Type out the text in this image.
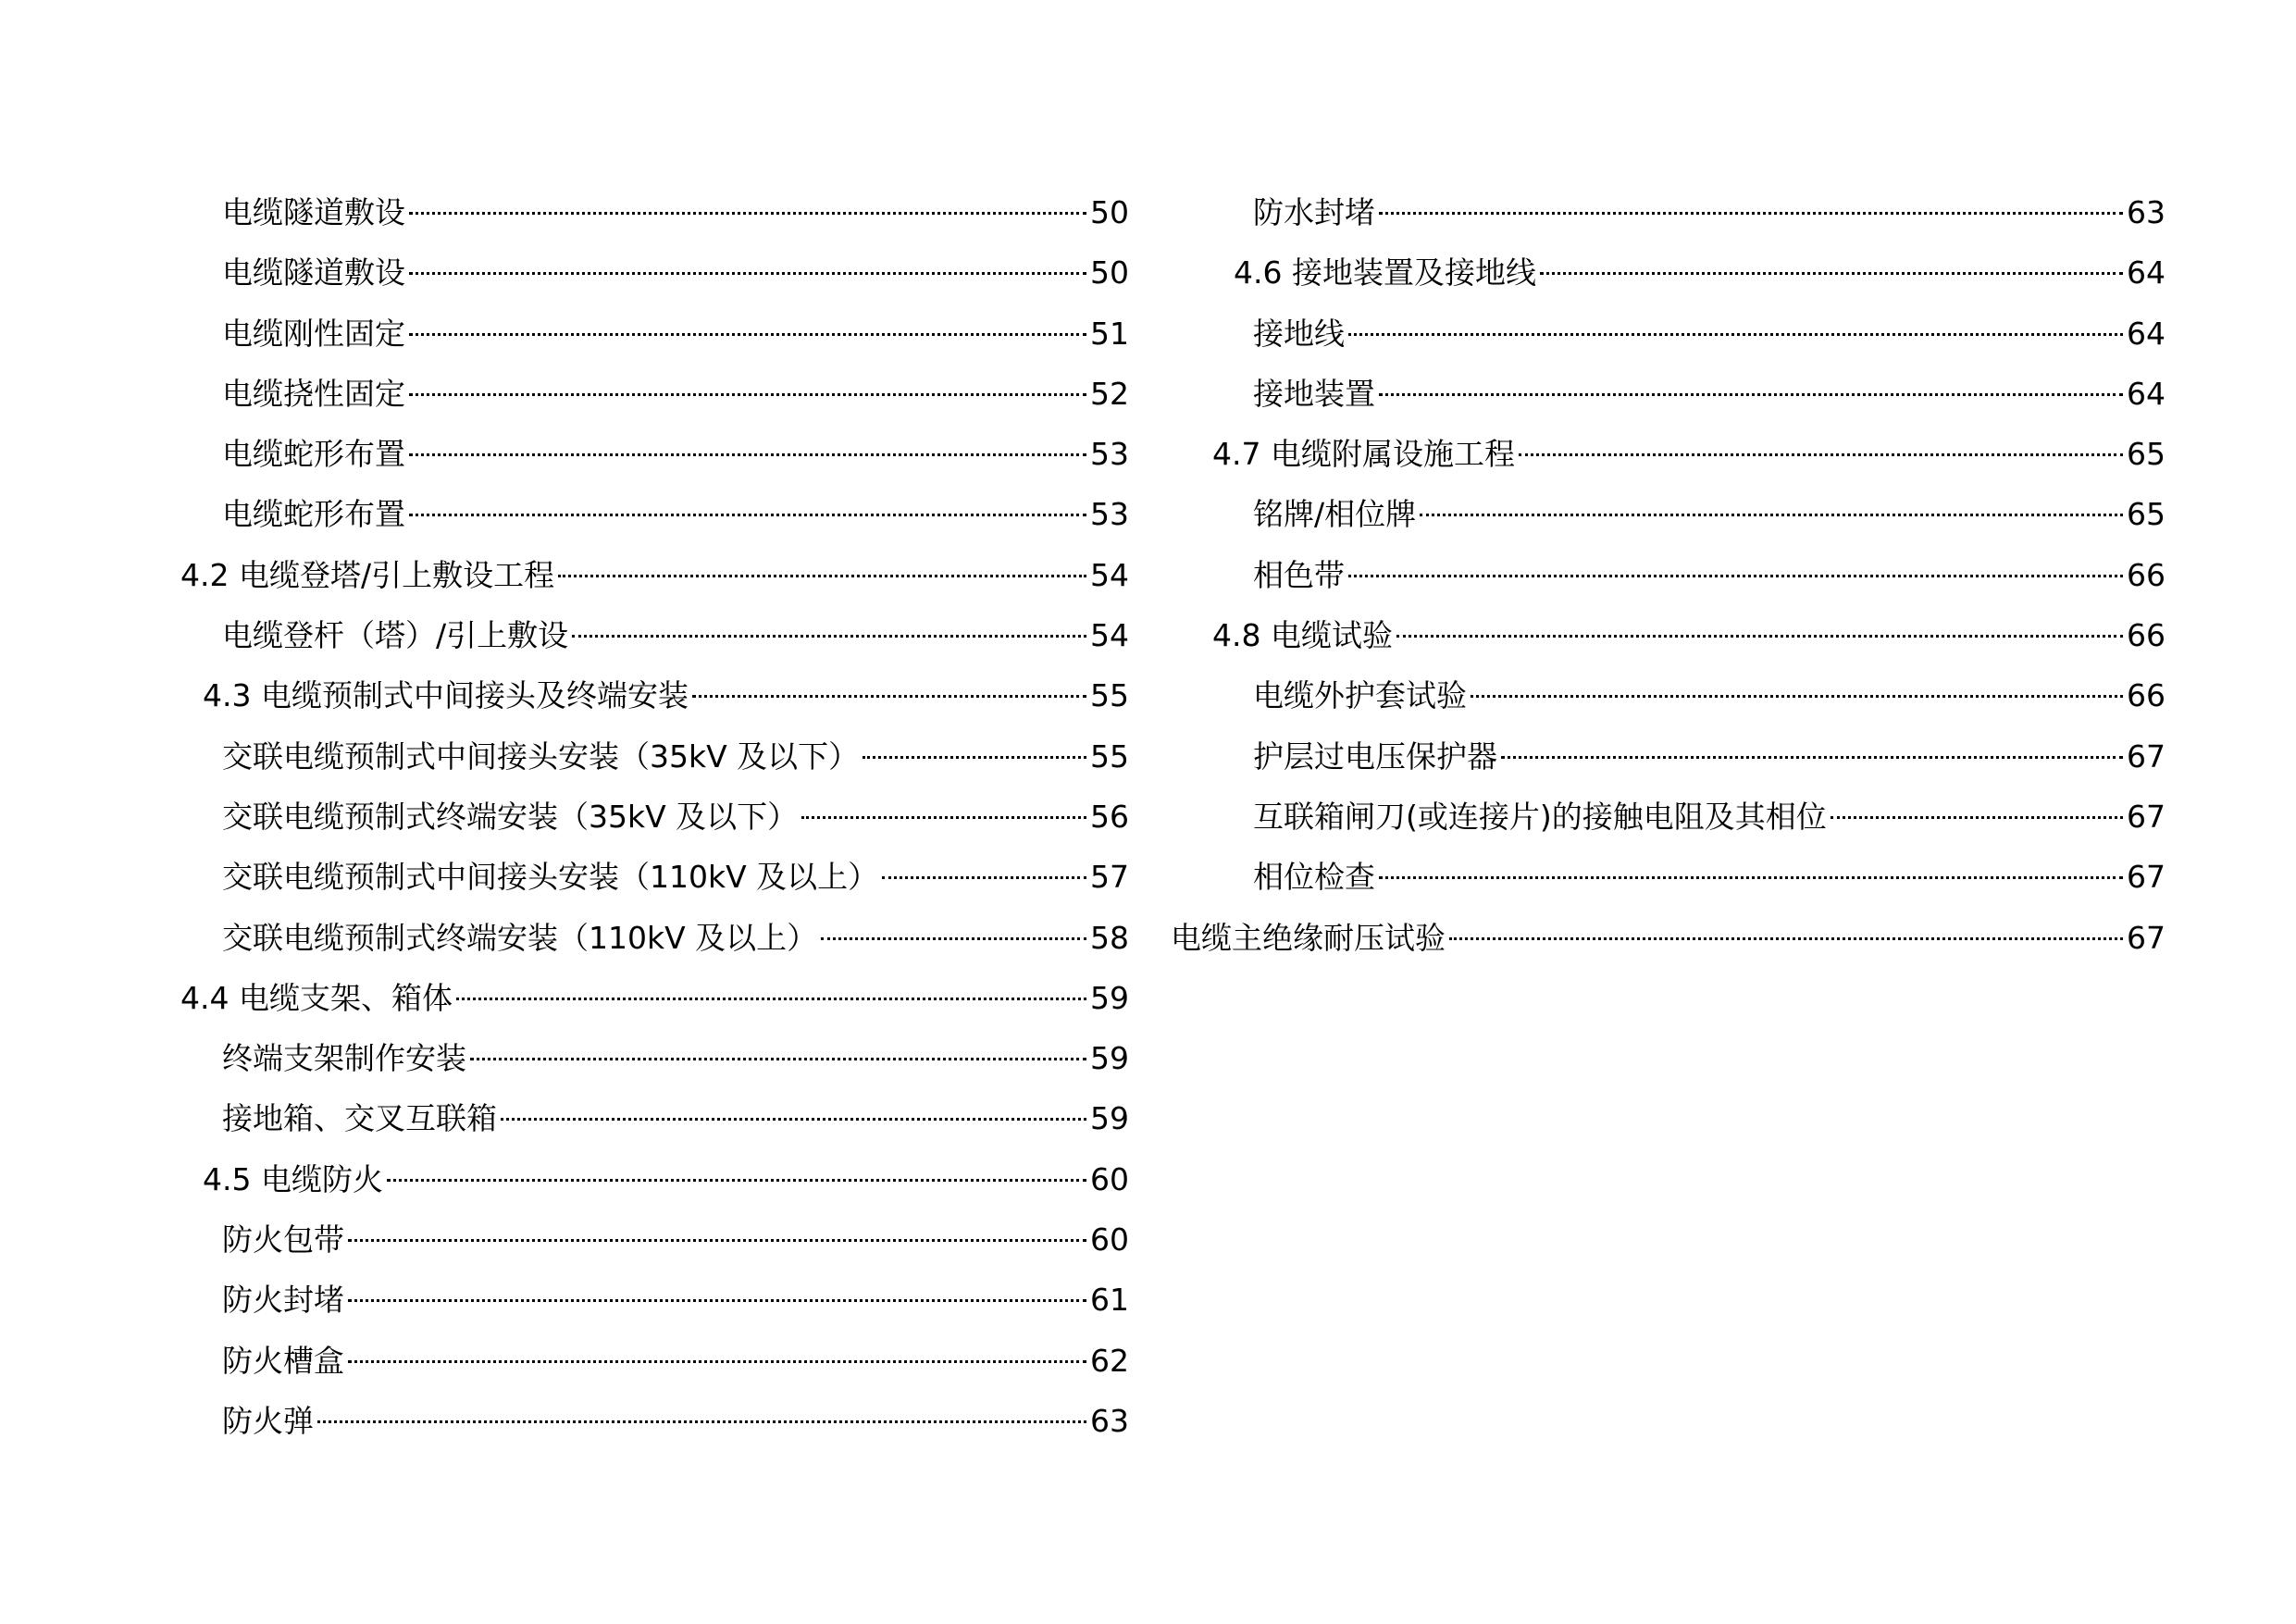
电缆隧道敷设	50
电缆隧道敷设	50
电缆刚性固定	51
电缆挠性固定	52
电缆蛇形布置	53
电缆蛇形布置	53
4.2 电缆登塔/引上敷设工程	54
电缆登杆（塔）/引上敷设	54
4.3 电缆预制式中间接头及终端安装	55
交联电缆预制式中间接头安装（35kV 及以下）	55
交联电缆预制式终端安装（35kV 及以下）	56
交联电缆预制式中间接头安装（110kV 及以上）	57
交联电缆预制式终端安装（110kV 及以上）	58
4.4 电缆支架、箱体	59
终端支架制作安装	59
接地箱、交叉互联箱	59
4.5 电缆防火	60
防火包带	60
防火封堵	61
防火槽盒	62
防火弹	63
防水封堵	63
4.6 接地装置及接地线	64
接地线	64
接地装置	64
4.7 电缆附属设施工程	65
铭牌/相位牌	65
相色带	66
4.8 电缆试验	66
电缆外护套试验	66
护层过电压保护器	67
互联箱闸刀(或连接片)的接触电阻及其相位	67
相位检查	67
电缆主绝缘耐压试验	67
